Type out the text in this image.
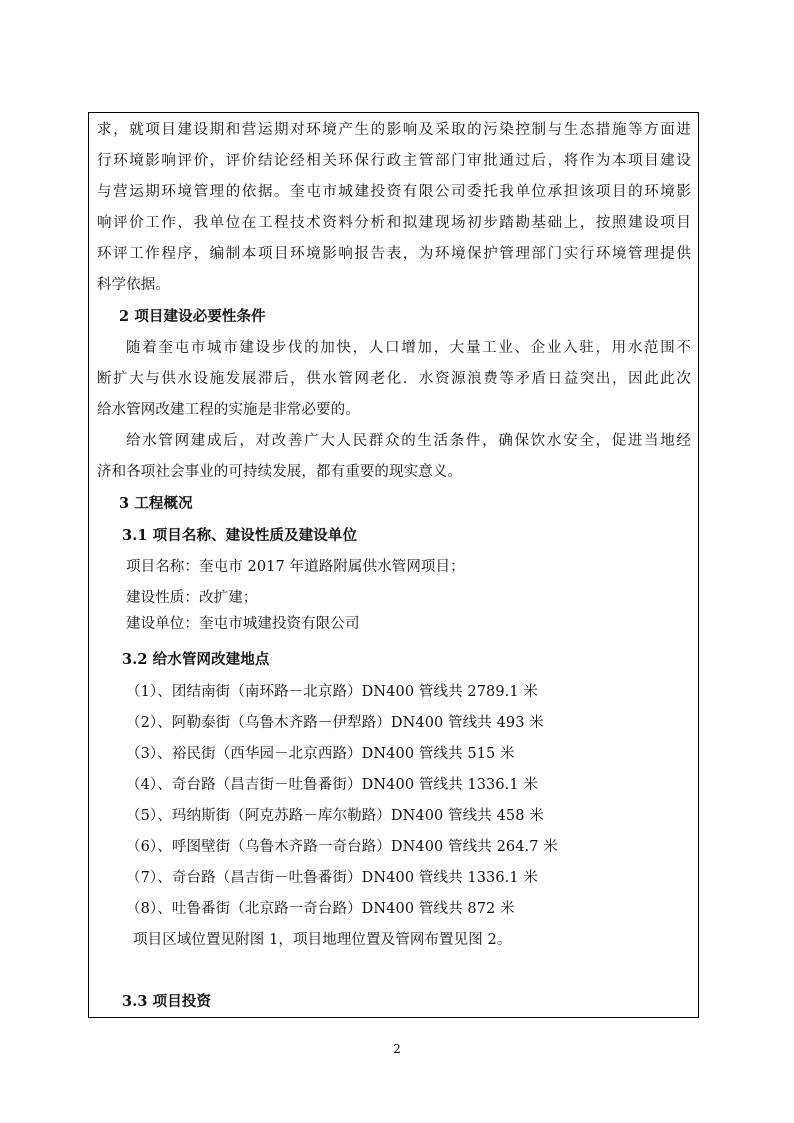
求，就项目建设期和营运期对环境产生的影响及采取的污染控制与生态措施等方面进
行环境影响评价，评价结论经相关环保行政主管部门审批通过后，将作为本项目建设
与营运期环境管理的依据。奎屯市城建投资有限公司委托我单位承担该项目的环境影
响评价工作，我单位在工程技术资料分析和拟建现场初步踏勘基础上，按照建设项目
环评工作程序，编制本项目环境影响报告表，为环境保护管理部门实行环境管理提供
科学依据。
2 项目建设必要性条件
随着奎屯市城市建设步伐的加快，人口增加，大量工业、企业入驻，用水范围不
断扩大与供水设施发展滞后，供水管网老化．水资源浪费等矛盾日益突出，因此此次
给水管网改建工程的实施是非常必要的。
给水管网建成后，对改善广大人民群众的生活条件，确保饮水安全，促进当地经
济和各项社会事业的可持续发展，都有重要的现实意义。
3 工程概况
3.1 项目名称、建设性质及建设单位
项目名称：奎屯市 2017 年道路附属供水管网项目；
建设性质：改扩建；
建设单位：奎屯市城建投资有限公司
3.2 给水管网改建地点
（1）、团结南街（南环路－北京路）DN400 管线共 2789.1 米
（2）、阿勒泰街（乌鲁木齐路－伊犁路）DN400 管线共 493 米
（3）、裕民街（西华园－北京西路）DN400 管线共 515 米
（4）、奇台路（昌吉街－吐鲁番街）DN400 管线共 1336.1 米
（5）、玛纳斯街（阿克苏路－库尔勒路）DN400 管线共 458 米
（6）、呼图壁街（乌鲁木齐路一奇台路）DN400 管线共 264.7 米
（7）、奇台路（昌吉街－吐鲁番街）DN400 管线共 1336.1 米
（8）、吐鲁番街（北京路一奇台路）DN400 管线共 872 米
项目区域位置见附图 1，项目地理位置及管网布置见图 2。
3.3 项目投资
2
